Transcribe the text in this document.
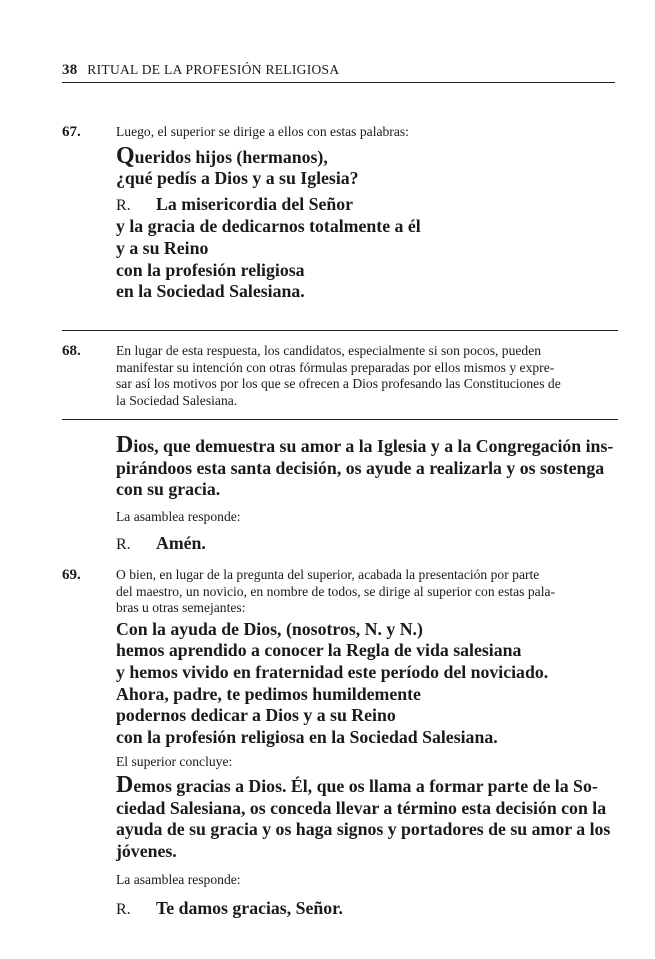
38 RITUAL DE LA PROFESIÓN RELIGIOSA
67.	Luego, el superior se dirige a ellos con estas palabras:

Queridos hijos (hermanos),

¿qué pedís a Dios y a su Iglesia?

R. La misericordia del Señor

y la gracia de dedicarnos totalmente a él

y a su Reino

con la profesión religiosa

en la Sociedad Salesiana.

68.	En lugar de esta respuesta, los candidatos, especialmente si son pocos, pueden

manifestar su intención con otras fórmulas preparadas por ellos mismos y expre-

sar así los motivos por los que se ofrecen a Dios profesando las Constituciones de

la Sociedad Salesiana.

Dios, que demuestra su amor a la Iglesia y a la Congregación ins-

pirándoos esta santa decisión, os ayude a realizarla y os sostenga

con su gracia.

La asamblea responde:

R. Amén.

69.	O bien, en lugar de la pregunta del superior, acabada la presentación por parte

del maestro, un novicio, en nombre de todos, se dirige al superior con estas pala-

bras u otras semejantes:

Con la ayuda de Dios, (nosotros, N. y N.)

hemos aprendido a conocer la Regla de vida salesiana

y hemos vivido en fraternidad este período del noviciado.

Ahora, padre, te pedimos humildemente

podernos dedicar a Dios y a su Reino

con la profesión religiosa en la Sociedad Salesiana.

El superior concluye:

Demos gracias a Dios. Él, que os llama a formar parte de la So-

ciedad Salesiana, os conceda llevar a término esta decisión con la

ayuda de su gracia y os haga signos y portadores de su amor a los

jóvenes.

La asamblea responde:

R. Te damos gracias, Señor.
